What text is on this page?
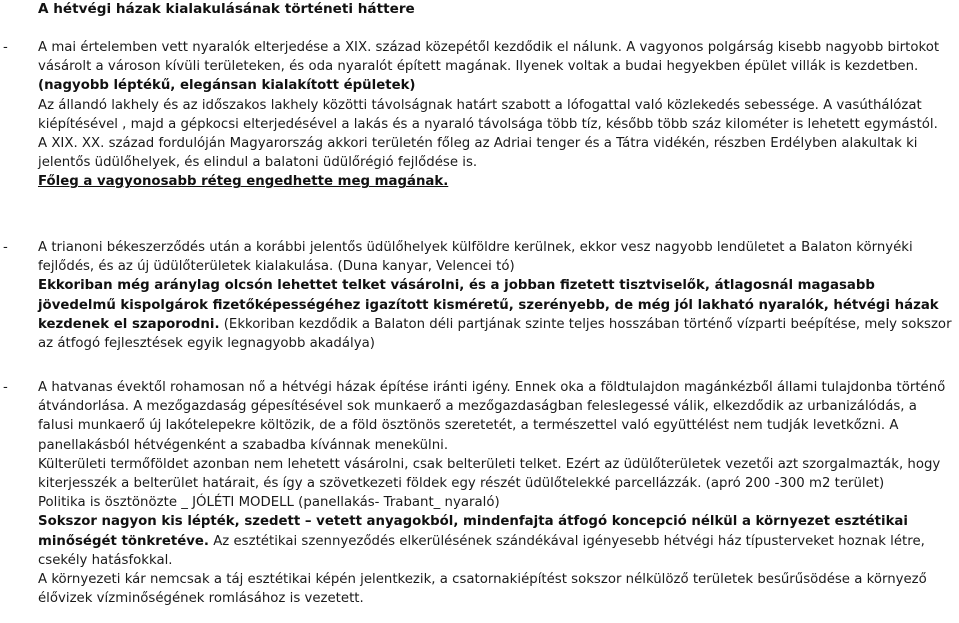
A hétvégi házak kialakulásának történeti háttere
- A mai értelemben vett nyaralók elterjedése a XIX. század közepétől kezdődik el nálunk. A vagyonos polgárság kisebb nagyobb birtokot vásárolt a városon kívüli területeken, és oda nyaralót épített magának. Ilyenek voltak a budai hegyekben épület villák is kezdetben. (nagyobb léptékű, elegánsan kialakított épületek)

Az állandó lakhely és az időszakos lakhely közötti távolságnak határt szabott a lófogattal való közlekedés sebessége. A vasúthálózat kiépítésével , majd a gépkocsi elterjedésével a lakás és a nyaraló távolsága több tíz, később több száz kilométer is lehetett egymástól.

A XIX. XX. század fordulóján Magyarország akkori területén főleg az Adriai tenger és a Tátra vidékén, részben Erdélyben alakultak ki jelentős üdülőhelyek, és elindul a balatoni üdülőrégió fejlődése is.

Főleg a vagyonosabb réteg engedhette meg magának.

- A trianoni békeszerződés után a korábbi jelentős üdülőhelyek külföldre kerülnek, ekkor vesz nagyobb lendületet a Balaton környéki fejlődés, és az új üdülőterületek kialakulása. (Duna kanyar, Velencei tó)

Ekkoriban még aránylag olcsón lehettet telket vásárolni, és a jobban fizetett tisztviselők, átlagosnál magasabb jövedelmű kispolgárok fizetőképességéhez igazított kisméretű, szerényebb, de még jól lakható nyaralók, hétvégi házak kezdenek el szaporodni. (Ekkoriban kezdődik a Balaton déli partjának szinte teljes hosszában történő vízparti beépítése, mely sokszor az átfogó fejlesztések egyik legnagyobb akadálya)

- A hatvanas évektől rohamosan nő a hétvégi házak építése iránti igény. Ennek oka a földtulajdon magánkézből állami tulajdonba történő átvándorlása. A mezőgazdaság gépesítésével sok munkaerő a mezőgazdaságban feleslegessé válik, elkezdődik az urbanizálódás, a falusi munkaerő új lakótelepekre költözik, de a föld ösztönös szeretetét, a természettel való együttélést nem tudják levetkőzni. A panellakásból hétvégenként a szabadba kívánnak menekülni.

Külterületi termőföldet azonban nem lehetett vásárolni, csak belterületi telket. Ezért az üdülőterületek vezetői azt szorgalmazták, hogy kiterjesszék a belterület határait, és így a szövetkezeti földek egy részét üdülőtelekké parcellázzák. (apró 200 -300 m2 terület)

Politika is ösztönözte _ JÓLÉTI MODELL (panellakás- Trabant_ nyaraló)

Sokszor nagyon kis lépték, szedett – vetett anyagokból, mindenfajta átfogó koncepció nélkül a környezet esztétikai minőségét tönkretéve. Az esztétikai szennyeződés elkerülésének szándékával igényesebb hétvégi ház típusterveket hoznak létre, csekély hatásfokkal.

A környezeti kár nemcsak a táj esztétikai képén jelentkezik, a csatornakiépítést sokszor nélkülöző területek besűrűsödése a környező élővizek vízminőségének romlásához is vezetett.
